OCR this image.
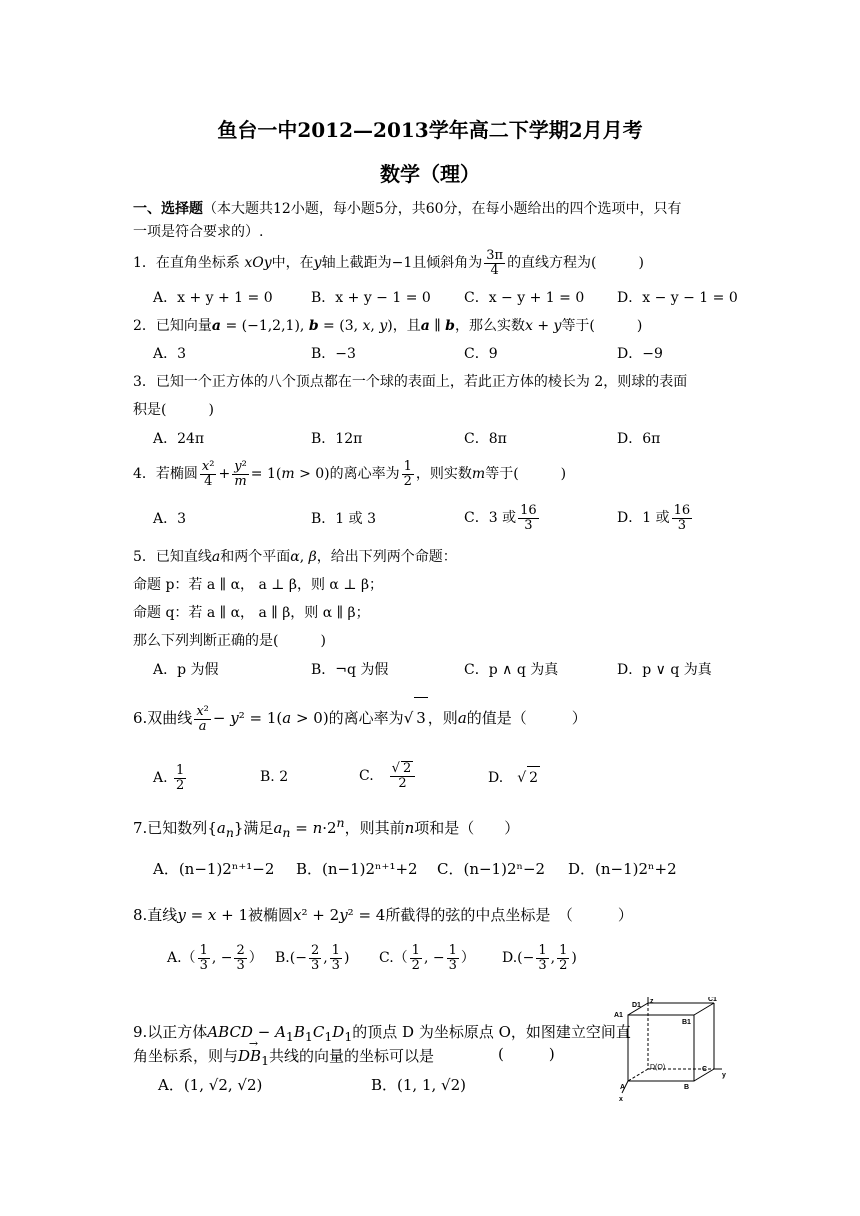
鱼台一中2012—2013学年高二下学期2月月考
数学（理）
一、选择题（本大题共12小题，每小题5分，共60分，在每小题给出的四个选项中，只有
一项是符合要求的）.
1．在直角坐标系 xOy中，在y轴上截距为−1且倾斜角为 $\frac{3\pi}{4}$ 的直线方程为(　　　)
A．x + y + 1 = 0	B．x + y − 1 = 0 C．x − y + 1 = 0 D．x − y − 1 = 0
2．已知向量a = (−1,2,1), b = (3, x, y)，且a ∥ b，那么实数x + y等于(　　　)
A．3	B．−3	C．9	D．−9
3．已知一个正方体的八个顶点都在一个球的表面上，若此正方体的棱长为 2，则球的表面
积是(　　　)
A．24π	B．12π	C．8π	D．6π
4．若椭圆 $\frac{\text{x²}}{4} + \frac{\text{y²}}{m} = 1(m > 0)$的离心率为 $\frac{1}{2}$ ，则实数m等于(　　　)
A．3	B．1 或 3	C．3 或 $\frac{16}{3}$	D．1 或 $\frac{16}{3}$
5．已知直线a和两个平面α, β，给出下列两个命题：
命题 p：若 a ∥ α， a ⊥ β，则 α ⊥ β；
命题 q：若 a ∥ α， a ∥ β，则 α ∥ β；
那么下列判断正确的是(　　　)
A．p 为假	B．¬q 为假	C．p ∧ q 为真	D．p ∨ q 为真
6.双曲线 $\frac{\text{x²}}{a} - y^2 = 1(a > 0)$的离心率为√ 3 ，则a的值是（　　　）
A. $\frac{1}{2}$	B. 2	C.　 $\frac{√ 2}{2}$	D.　 √ 2
7.已知数列$\{a_n\}$满足$a_n = n\cdot 2^n$，则其前n项和是（　　）
A．(n−1)2ⁿ⁺¹−2 B．(n−1)2ⁿ⁺¹+2 C．(n−1)2ⁿ−2 D．(n−1)2ⁿ+2
8.直线y = x + 1被椭圆x² + 2y² = 4所截得的弦的中点坐标是　（　　　）
$A.( \frac{1}{3}$ , − $\frac{2}{3}$ ） $B.(- \frac{2}{3}$ , $\frac{1}{3}$ ) $C.( \frac{1}{2}$ , − $\frac{1}{3}$ ） $D.(- \frac{1}{3}$ , $\frac{1}{2}$ )
9.以正方体ABCD − $A_1B_1C_1D_1$的顶点 D 为坐标原点 O，如图建立空间直
角坐标系，则与→ $DB_1$共线的向量的坐标可以是	(　　　)
A．(1, √2, √2)	B．(1, 1, √2)
D1
z	C1
A1
B1
D(O)
A	B
C
y
x
